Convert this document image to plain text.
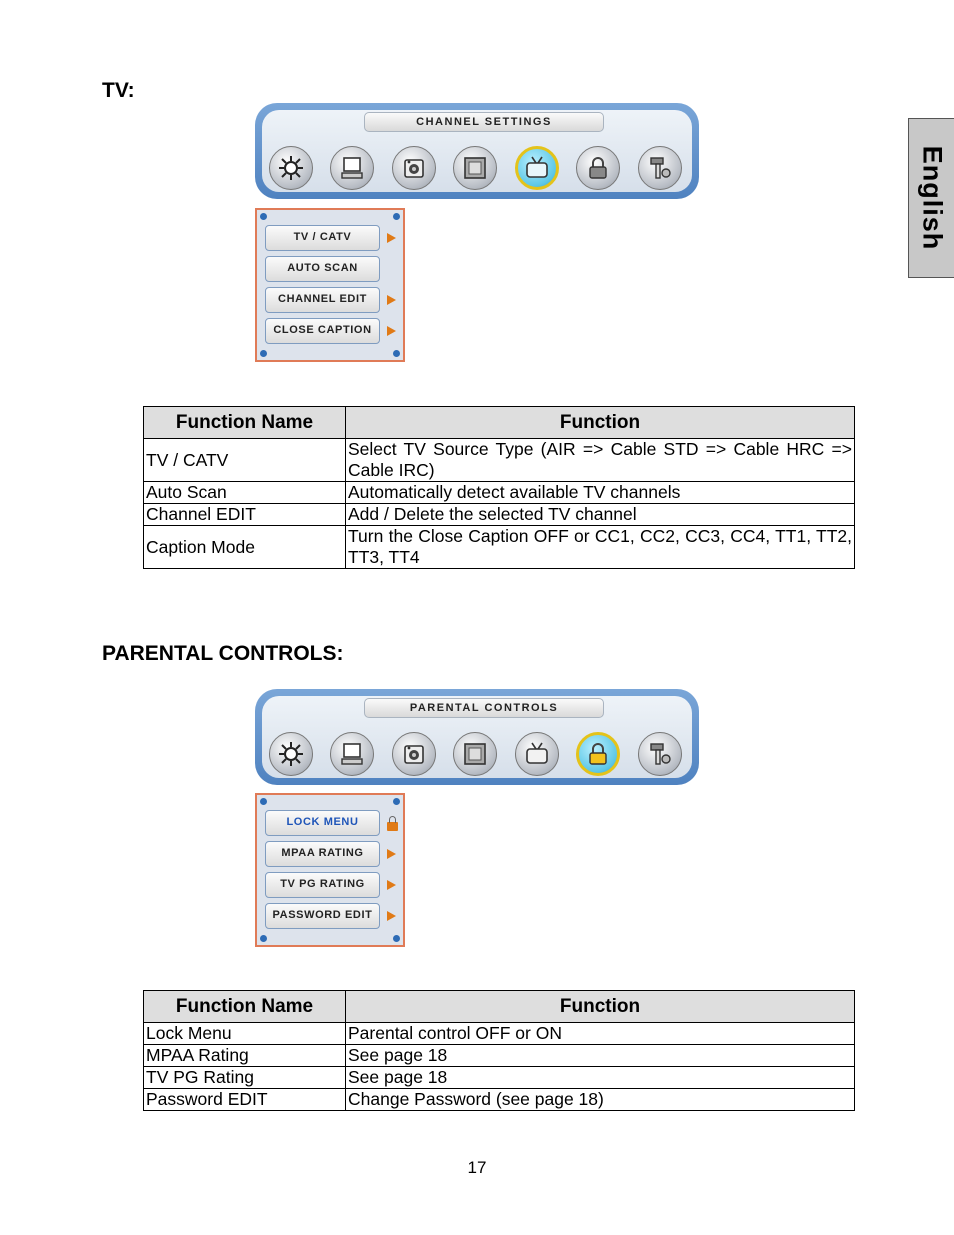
English
TV:
CHANNEL SETTINGS
TV / CATV
AUTO SCAN
CHANNEL EDIT
CLOSE CAPTION
Function Name	Function
TV / CATV	Select TV Source Type (AIR => Cable STD => Cable HRC => Cable IRC)
Auto Scan	Automatically detect available TV channels
Channel EDIT	Add / Delete the selected TV channel
Caption Mode	Turn the Close Caption OFF or CC1, CC2, CC3, CC4, TT1, TT2, TT3, TT4
PARENTAL CONTROLS:
PARENTAL CONTROLS
LOCK MENU
MPAA RATING
TV PG RATING
PASSWORD EDIT
Function Name	Function
Lock Menu	Parental control OFF or ON
MPAA Rating	See page 18
TV PG Rating	See page 18
Password EDIT	Change Password (see page 18)
17
